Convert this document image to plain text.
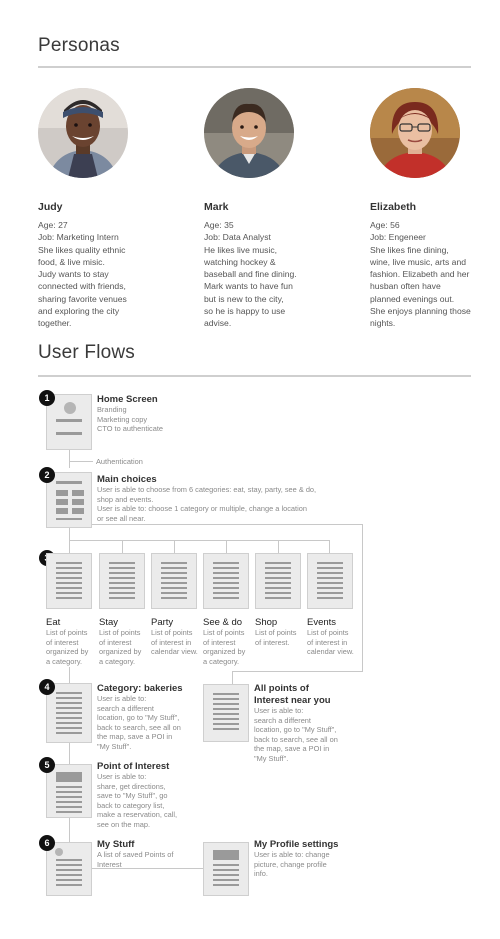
Personas
Judy
Age: 27
Job: Marketing Intern
She likes quality ethnic
food, & live misic.
Judy wants to stay
connected with friends,
sharing favorite venues
and exploring the city
together.
Mark
Age: 35
Job: Data Analyst
He likes live music,
watching hockey &
baseball and fine dining.
Mark wants to have fun
but is new to the city,
so he is happy to use
advise.
Elizabeth
Age: 56
Job: Engeneer
She likes fine dining,
wine, live music, arts and
fashion. Elizabeth and her
husban often have
planned evenings out.
She enjoys planning those
nights.
User Flows
1	Home Screen
Branding
Marketing copy
CTO to authenticate
Authentication
2	Main choices
User is able to choose from 6 categories: eat, stay, party, see & do,
shop and events.
User is able to: choose 1 category or multiple, change a location
or see all near.
Eat
List of points
of interest
organized by
a category.
Stay
List of points
of interest
organized by
a category.
Party
List of points
of interest in
calendar view.
See & do
List of points
of interest
organized by
a category.
Shop
List of points
of interest.
Events
List of points
of interest in
calendar view.
4	Category: bakeries
User is able to:
search a different
location, go to "My Stuff",
back to search, see all on
the map, save a POI in
"My Stuff".
All points of
Interest near you
User is able to:
search a different
location, go to "My Stuff",
back to search, see all on
the map, save a POI in
"My Stuff".
5	Point of Interest
User is able to:
share, get directions,
save to "My Stuff", go
back to category list,
make a reservation, call,
see on the map.
6	My Stuff
A list of saved Points of
Interest
My Profile settings
User is able to: change
picture, change profile
info.
